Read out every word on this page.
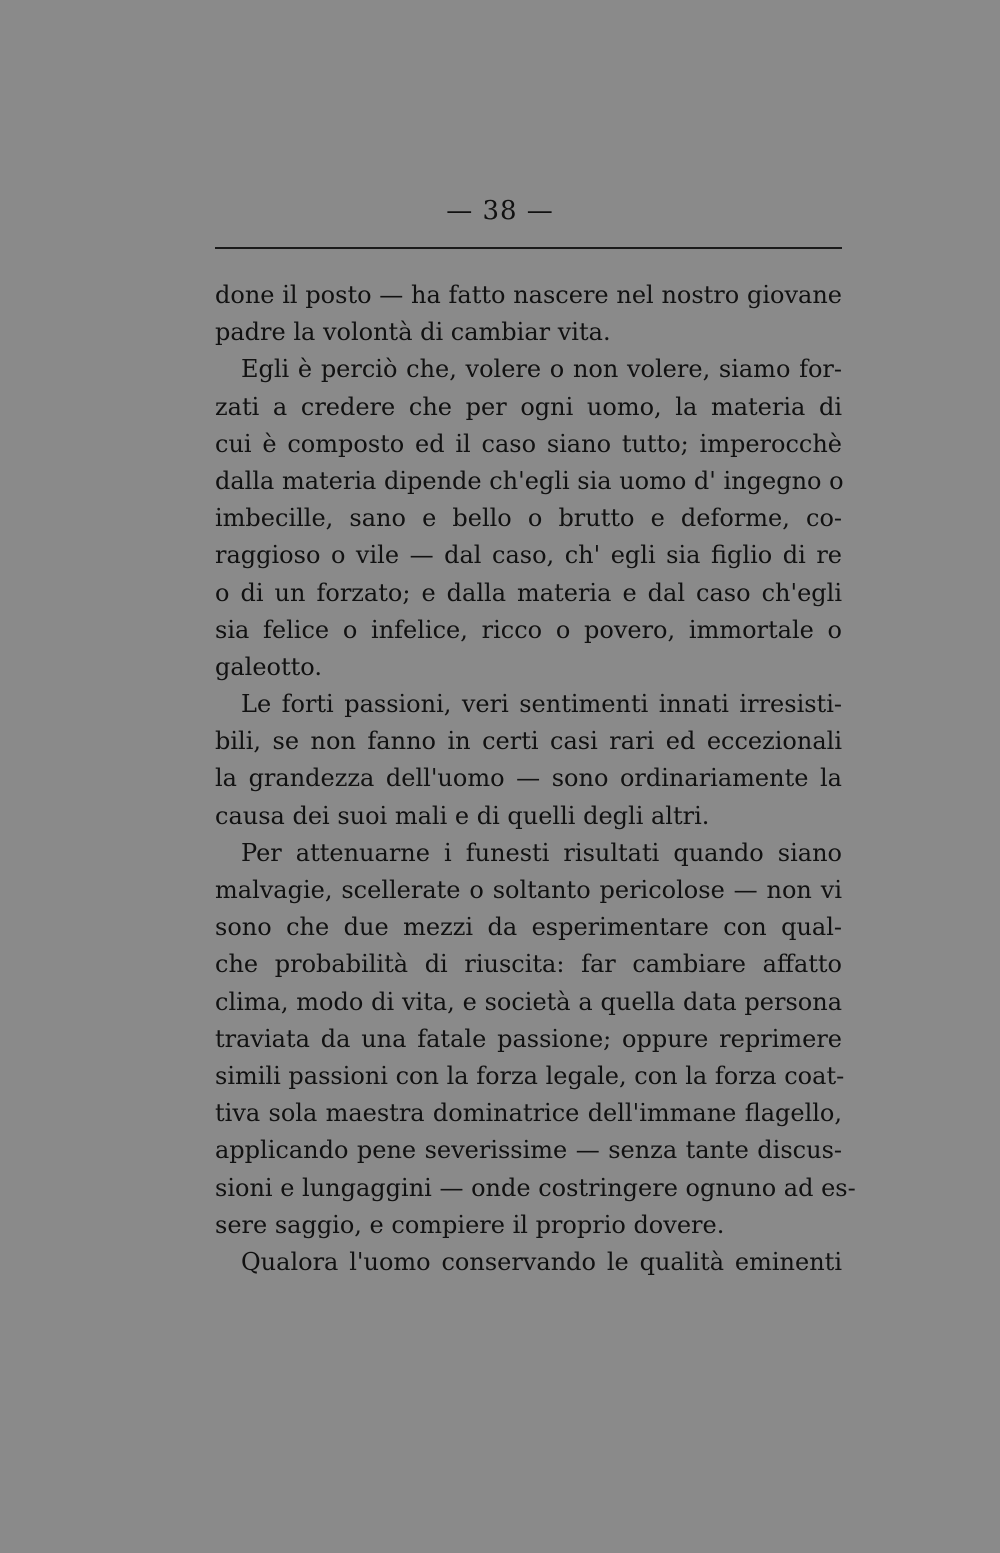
— 38 —
done il posto — ha fatto nascere nel nostro giovane
padre la volontà di cambiar vita.
Egli è perciò che, volere o non volere, siamo for-
zati a credere che per ogni uomo, la materia di
cui è composto ed il caso siano tutto; imperocchè
dalla materia dipende ch'egli sia uomo d' ingegno o
imbecille, sano e bello o brutto e deforme, co-
raggioso o vile — dal caso, ch' egli sia figlio di re
o di un forzato; e dalla materia e dal caso ch'egli
sia felice o infelice, ricco o povero, immortale o
galeotto.
Le forti passioni, veri sentimenti innati irresisti-
bili, se non fanno in certi casi rari ed eccezionali
la grandezza dell'uomo — sono ordinariamente la
causa dei suoi mali e di quelli degli altri.
Per attenuarne i funesti risultati quando siano
malvagie, scellerate o soltanto pericolose — non vi
sono che due mezzi da esperimentare con qual-
che probabilità di riuscita: far cambiare affatto
clima, modo di vita, e società a quella data persona
traviata da una fatale passione; oppure reprimere
simili passioni con la forza legale, con la forza coat-
tiva sola maestra dominatrice dell'immane flagello,
applicando pene severissime — senza tante discus-
sioni e lungaggini — onde costringere ognuno ad es-
sere saggio, e compiere il proprio dovere.
Qualora l'uomo conservando le qualità eminenti
